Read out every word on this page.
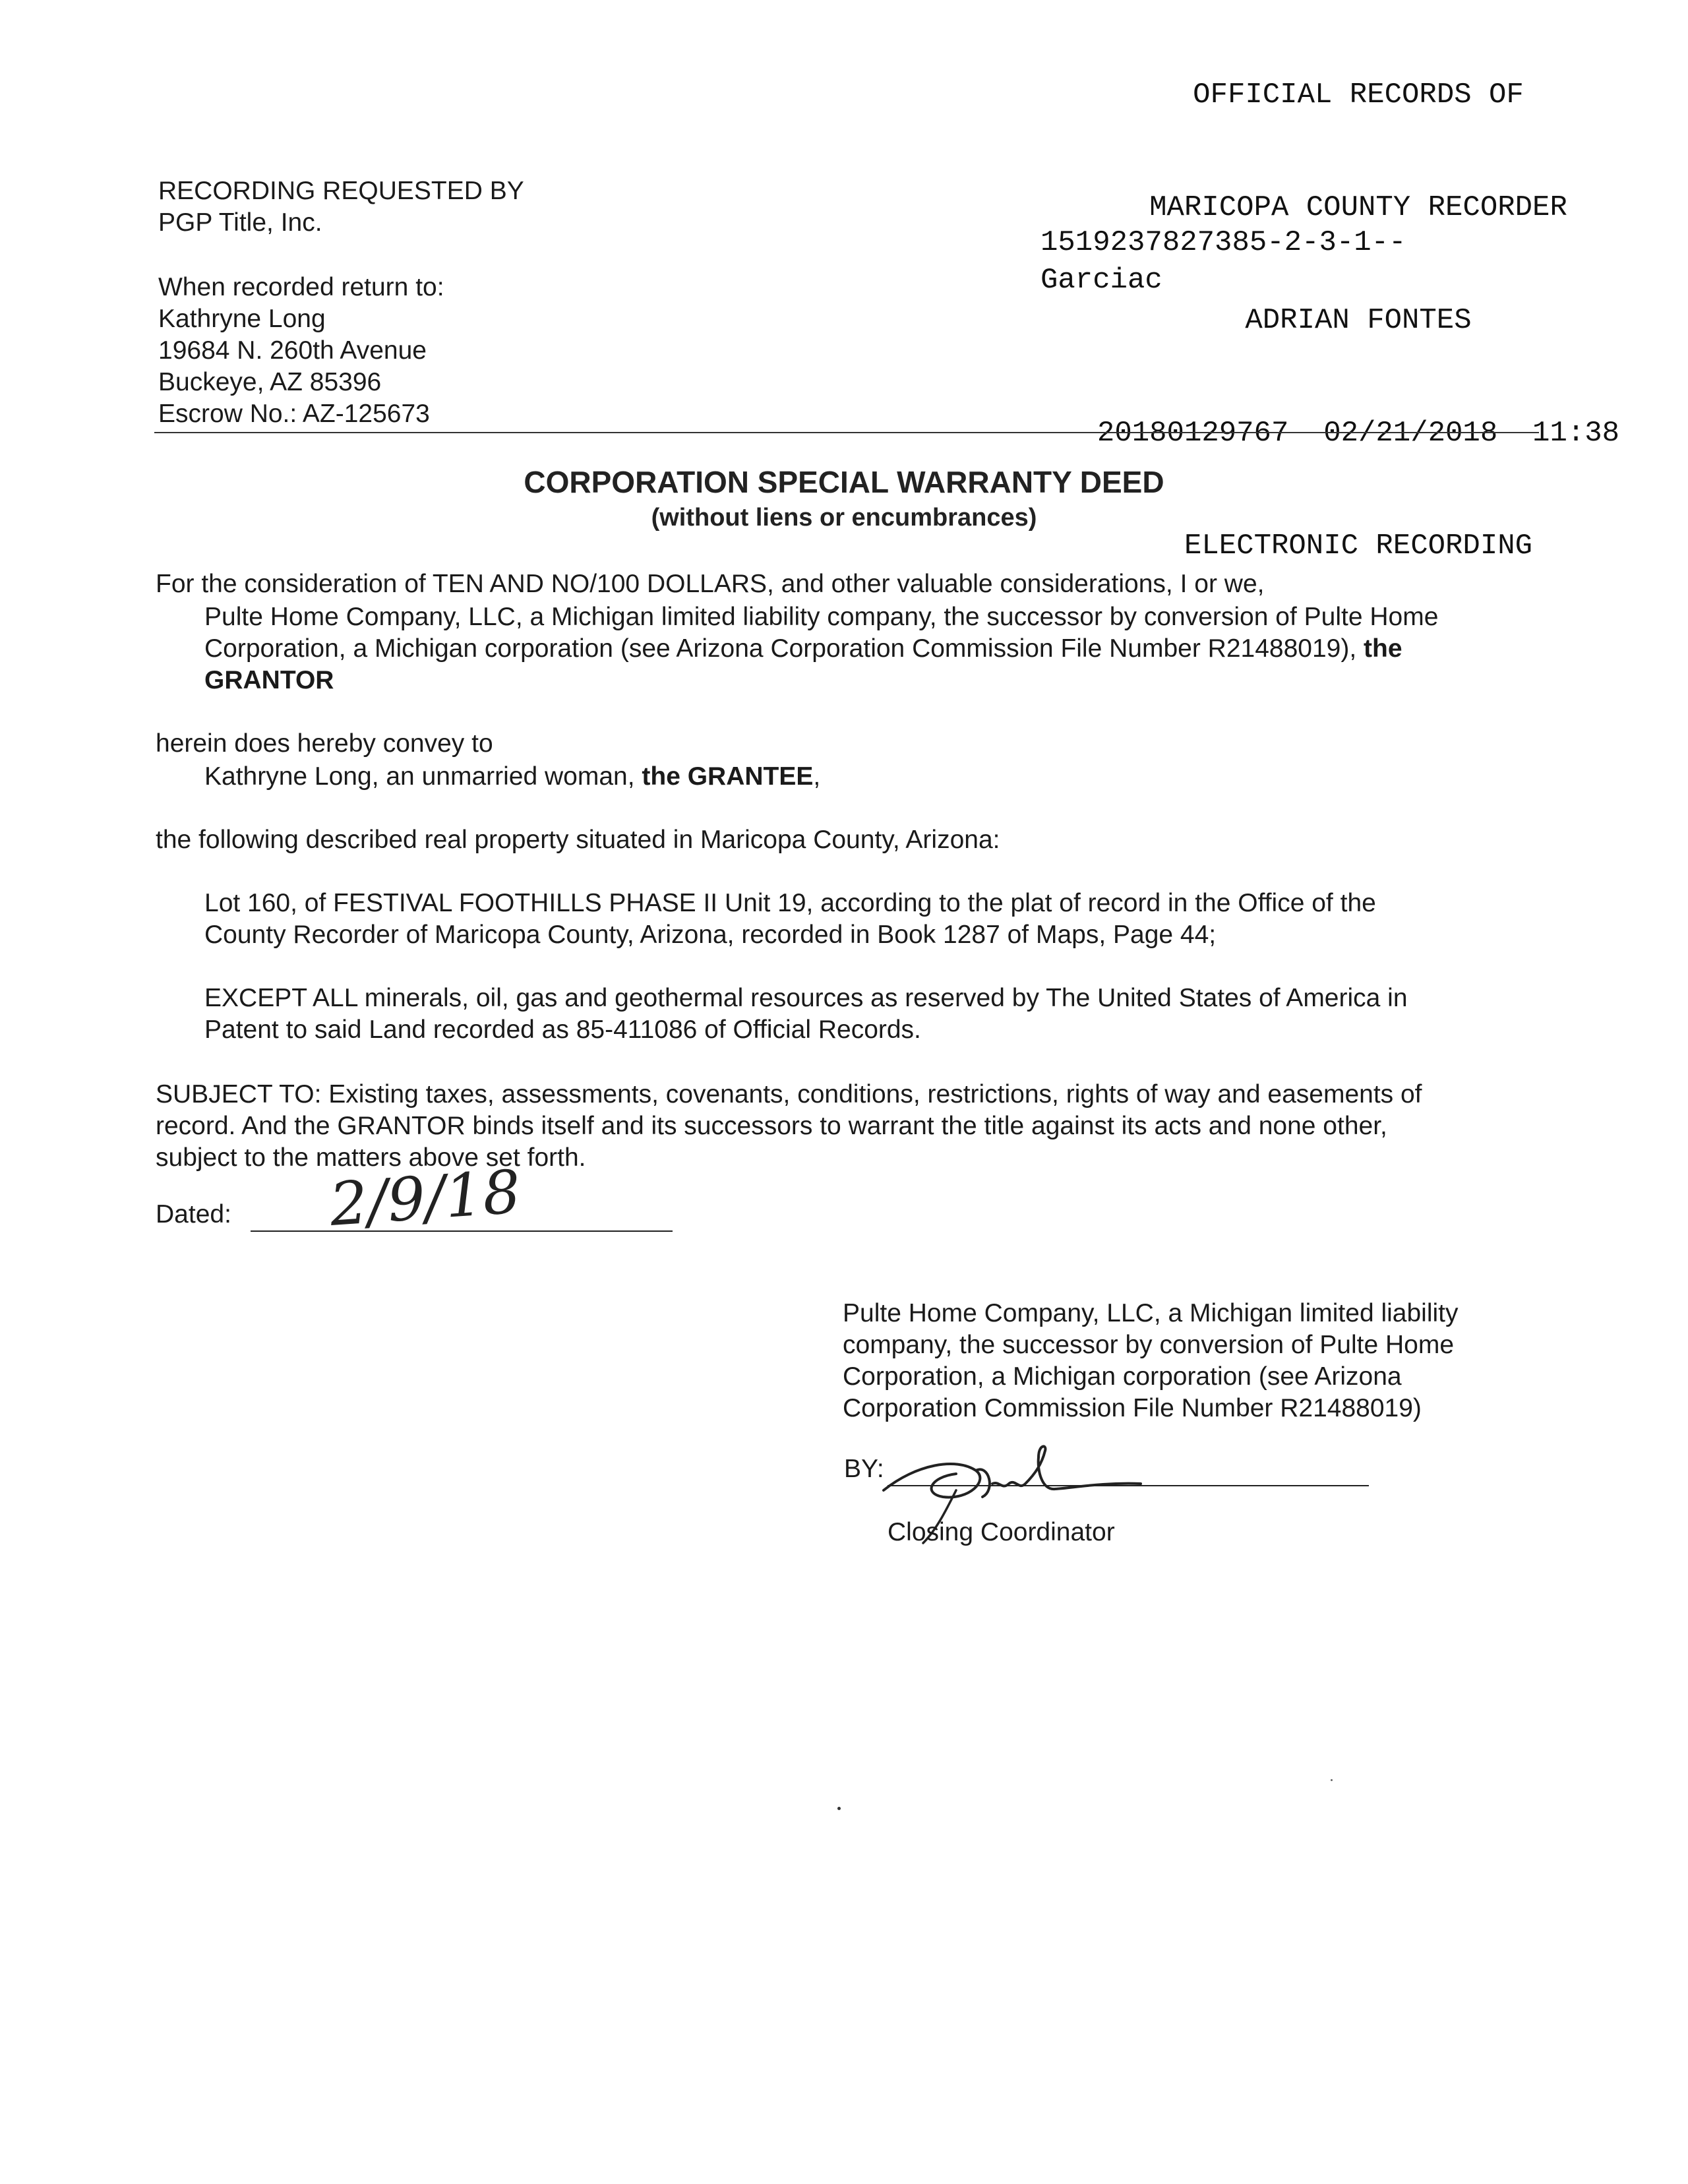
OFFICIAL RECORDS OF

MARICOPA COUNTY RECORDER

ADRIAN FONTES

20180129767 02/21/2018 11:38

ELECTRONIC RECORDING

1519237827385-2-3-1--
Garciac
RECORDING REQUESTED BY
PGP Title, Inc.
When recorded return to:
Kathryne Long
19684 N. 260th Avenue
Buckeye, AZ 85396
Escrow No.: AZ-125673
CORPORATION SPECIAL WARRANTY DEED
(without liens or encumbrances)
For the consideration of TEN AND NO/100 DOLLARS, and other valuable considerations, I or we,
Pulte Home Company, LLC, a Michigan limited liability company, the successor by conversion of Pulte Home
Corporation, a Michigan corporation (see Arizona Corporation Commission File Number R21488019), the
GRANTOR
herein does hereby convey to
Kathryne Long, an unmarried woman, the GRANTEE,
the following described real property situated in Maricopa County, Arizona:
Lot 160, of FESTIVAL FOOTHILLS PHASE II Unit 19, according to the plat of record in the Office of the
County Recorder of Maricopa County, Arizona, recorded in Book 1287 of Maps, Page 44;
EXCEPT ALL minerals, oil, gas and geothermal resources as reserved by The United States of America in
Patent to said Land recorded as 85-411086 of Official Records.
SUBJECT TO: Existing taxes, assessments, covenants, conditions, restrictions, rights of way and easements of
record. And the GRANTOR binds itself and its successors to warrant the title against its acts and none other,
subject to the matters above set forth.
Dated: 2/9/18
Pulte Home Company, LLC, a Michigan limited liability
company, the successor by conversion of Pulte Home
Corporation, a Michigan corporation (see Arizona
Corporation Commission File Number R21488019)
BY:
Closing Coordinator
